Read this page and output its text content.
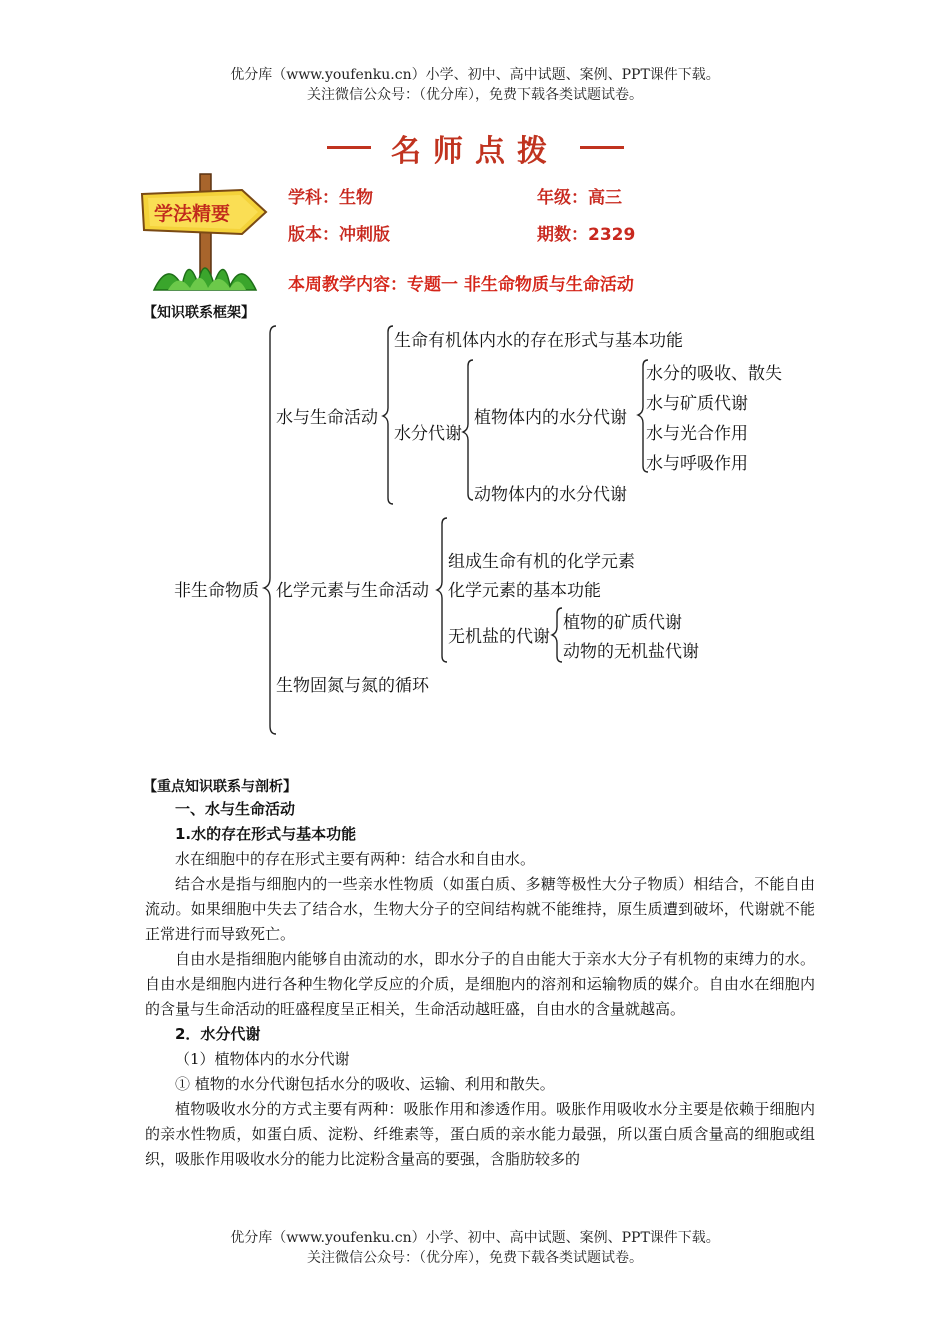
优分库（www.youfenku.cn）小学、初中、高中试题、案例、PPT课件下载。
关注微信公众号：（优分库），免费下载各类试题试卷。
名师点拨
学法精要
学科：生物	年级：高三
版本：冲刺版	期数：2329
本周教学内容：专题一 非生命物质与生命活动
【知识联系框架】
非生命物质
水与生命活动
生命有机体内水的存在形式与基本功能
水分代谢
植物体内的水分代谢
水分的吸收、散失
水与矿质代谢
水与光合作用
水与呼吸作用
动物体内的水分代谢
化学元素与生命活动
组成生命有机的化学元素
化学元素的基本功能
无机盐的代谢
植物的矿质代谢
动物的无机盐代谢
生物固氮与氮的循环
【重点知识联系与剖析】

一、水与生命活动

1.水的存在形式与基本功能

水在细胞中的存在形式主要有两种：结合水和自由水。

结合水是指与细胞内的一些亲水性物质（如蛋白质、多糖等极性大分子物质）相结合，不能自由流动。如果细胞中失去了结合水，生物大分子的空间结构就不能维持，原生质遭到破坏，代谢就不能正常进行而导致死亡。

自由水是指细胞内能够自由流动的水，即水分子的自由能大于亲水大分子有机物的束缚力的水。自由水是细胞内进行各种生物化学反应的介质，是细胞内的溶剂和运输物质的媒介。自由水在细胞内的含量与生命活动的旺盛程度呈正相关，生命活动越旺盛，自由水的含量就越高。

2．水分代谢

（1）植物体内的水分代谢

① 植物的水分代谢包括水分的吸收、运输、利用和散失。

植物吸收水分的方式主要有两种：吸胀作用和渗透作用。吸胀作用吸收水分主要是依赖于细胞内的亲水性物质，如蛋白质、淀粉、纤维素等，蛋白质的亲水能力最强，所以蛋白质含量高的细胞或组织，吸胀作用吸收水分的能力比淀粉含量高的要强，含脂肪较多的

优分库（www.youfenku.cn）小学、初中、高中试题、案例、PPT课件下载。
关注微信公众号：（优分库），免费下载各类试题试卷。
